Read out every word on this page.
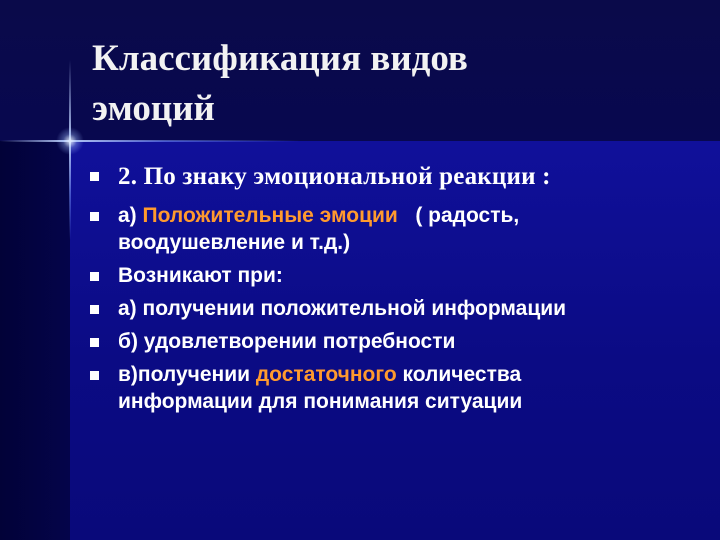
Классификация видов
эмоций
2. По знаку эмоциональной реакции :
а) Положительные эмоции   ( радость,
воодушевление и т.д.)
Возникают при:
а) получении положительной информации
б) удовлетворении потребности
в)получении достаточного количества
информации для понимания ситуации
